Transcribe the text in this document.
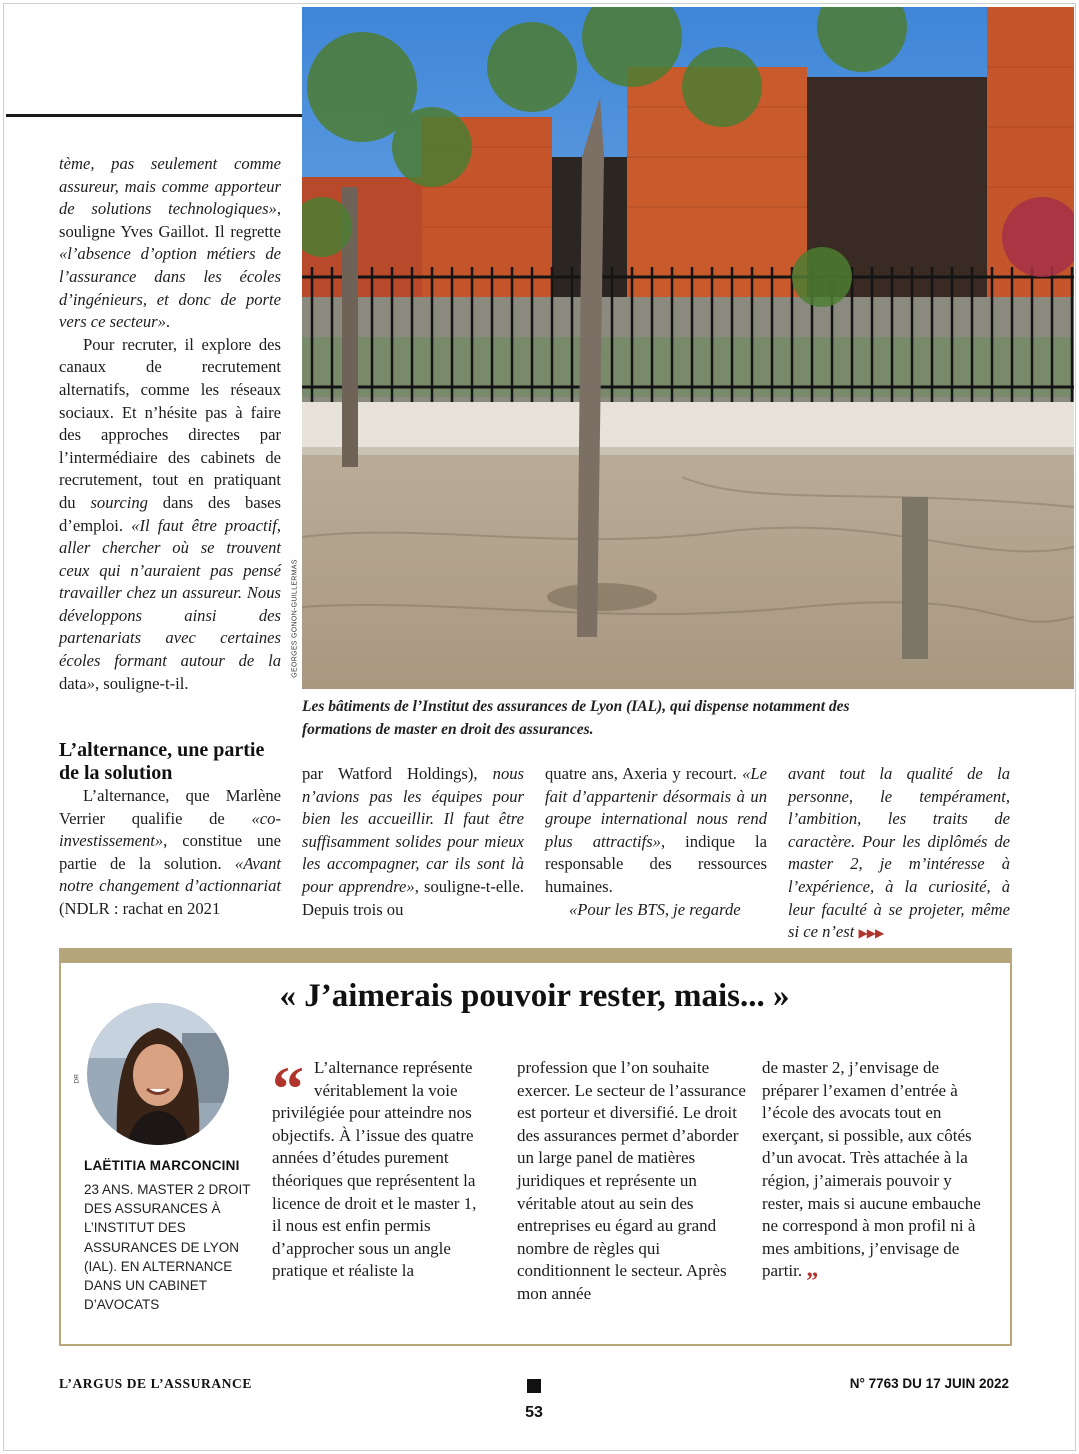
GEORGES GONON-GUILLERMAS
Les bâtiments de l’Institut des assurances de Lyon (IAL), qui dispense notamment des formations de master en droit des assurances.

tème, pas seulement comme assureur, mais comme apporteur de solutions technologiques», souligne Yves Gaillot. Il regrette «l’absence d’option métiers de l’assurance dans les écoles d’ingénieurs, et donc de porte vers ce secteur».

Pour recruter, il explore des canaux de recrutement alternatifs, comme les réseaux sociaux. Et n’hésite pas à faire des approches directes par l’intermédiaire des cabinets de recrutement, tout en pratiquant du sourcing dans des bases d’emploi. «Il faut être proactif, aller chercher où se trouvent ceux qui n’auraient pas pensé travailler chez un assureur. Nous développons ainsi des partenariats avec certaines écoles formant autour de la data», souligne-t-il.

L’alternance, une partie de la solution

L’alternance, que Marlène Verrier qualifie de «co-investissement», constitue une partie de la solution. «Avant notre changement d’actionnariat (NDLR : rachat en 2021

par Watford Holdings), nous n’avions pas les équipes pour bien les accueillir. Il faut être suffisamment solides pour mieux les accompagner, car ils sont là pour apprendre», souligne-t-elle. Depuis trois ou

quatre ans, Axeria y recourt. «Le fait d’appartenir désormais à un groupe international nous rend plus attractifs», indique la responsable des ressources humaines.

«Pour les BTS, je regarde

avant tout la qualité de la personne, le tempérament, l’ambition, les traits de caractère. Pour les diplômés de master 2, je m’intéresse à l’expérience, à la curiosité, à leur faculté à se projeter, même si ce n’est ▶▶▶

« J’aimerais pouvoir rester, mais... »
DR
LAËTITIA MARCONCINI
23 ANS. MASTER 2 DROIT DES ASSURANCES À L’INSTITUT DES ASSURANCES DE LYON (IAL). EN ALTERNANCE DANS UN CABINET D’AVOCATS

“ L’alternance représente véritablement la voie privilégiée pour atteindre nos objectifs. À l’issue des quatre années d’études purement théoriques que représentent la licence de droit et le master 1, il nous est enfin permis d’approcher sous un angle pratique et réaliste la

profession que l’on souhaite exercer. Le secteur de l’assurance est porteur et diversifié. Le droit des assurances permet d’aborder un large panel de matières juridiques et représente un véritable atout au sein des entreprises eu égard au grand nombre de règles qui conditionnent le secteur. Après mon année

de master 2, j’envisage de préparer l’examen d’entrée à l’école des avocats tout en exerçant, si possible, aux côtés d’un avocat. Très attachée à la région, j’aimerais pouvoir y rester, mais si aucune embauche ne correspond à mon profil ni à mes ambitions, j’envisage de partir. „

L’ARGUS DE L’ASSURANCE
53
N° 7763 DU 17 JUIN 2022
